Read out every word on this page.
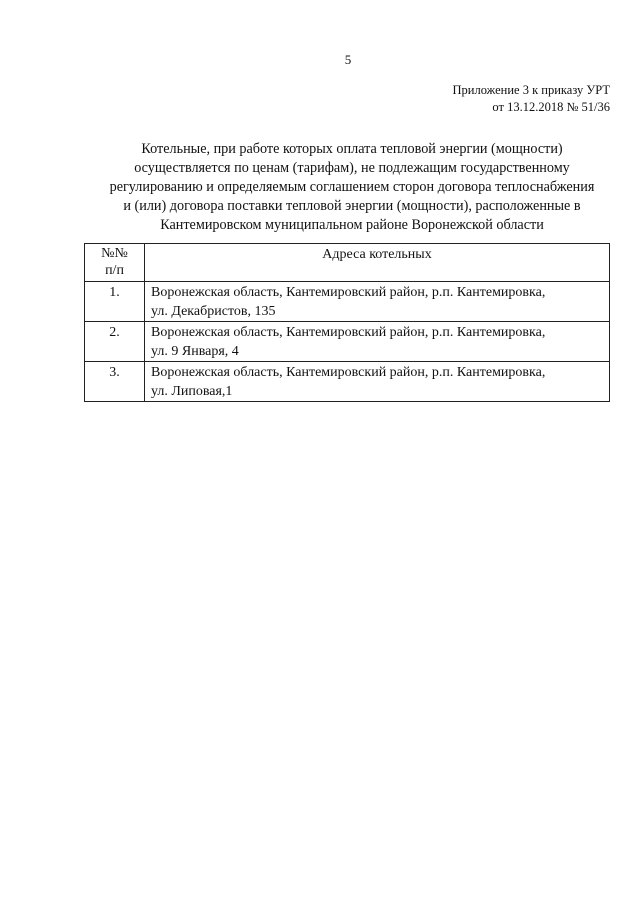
5
Приложение 3 к приказу УРТ
от 13.12.2018 № 51/36
Котельные, при работе которых оплата тепловой энергии (мощности)
осуществляется по ценам (тарифам), не подлежащим государственному
регулированию и определяемым соглашением сторон договора теплоснабжения
и (или) договора поставки тепловой энергии (мощности), расположенные в
Кантемировском муниципальном районе Воронежской области
№№
п/п	Адреса котельных
1.	Воронежская область, Кантемировский район, р.п. Кантемировка,
ул. Декабристов, 135

2.	Воронежская область, Кантемировский район, р.п. Кантемировка,
ул. 9 Января, 4

3.	Воронежская область, Кантемировский район, р.п. Кантемировка,
ул. Липовая,1
